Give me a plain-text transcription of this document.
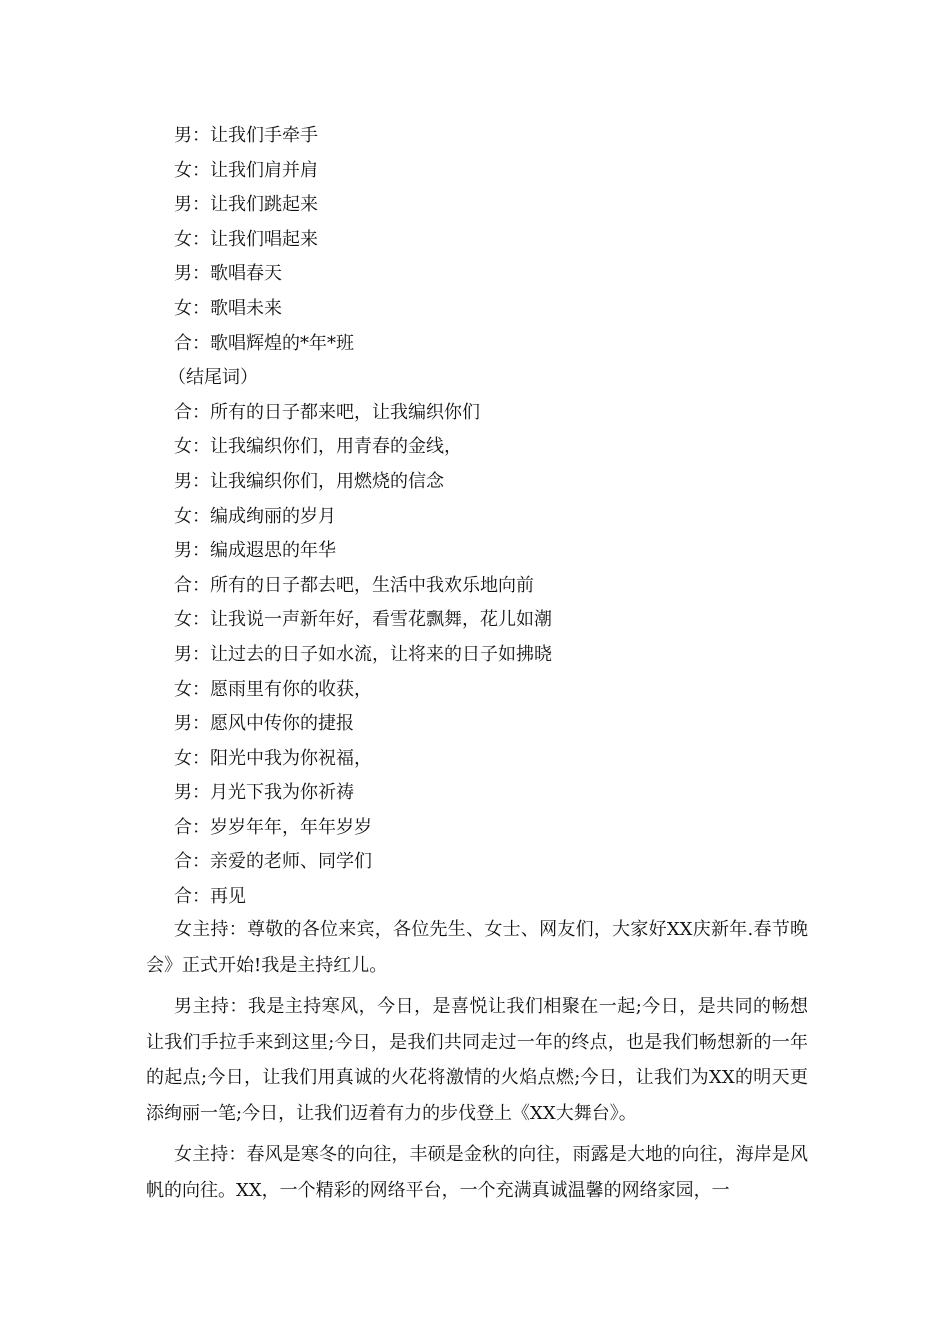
男：让我们手牵手
女：让我们肩并肩
男：让我们跳起来
女：让我们唱起来
男：歌唱春天
女：歌唱未来
合：歌唱辉煌的*年*班
（结尾词）
合：所有的日子都来吧，让我编织你们
女：让我编织你们，用青春的金线，
男：让我编织你们，用燃烧的信念
女：编成绚丽的岁月
男：编成遐思的年华
合：所有的日子都去吧，生活中我欢乐地向前
女：让我说一声新年好，看雪花飘舞，花儿如潮
男：让过去的日子如水流，让将来的日子如拂晓
女：愿雨里有你的收获，
男：愿风中传你的捷报
女：阳光中我为你祝福，
男：月光下我为你祈祷
合：岁岁年年，年年岁岁
合：亲爱的老师、同学们
合：再见

女主持：尊敬的各位来宾，各位先生、女士、网友们，大家好XX庆新年.春节晚会》正式开始!我是主持红儿。

男主持：我是主持寒风，今日，是喜悦让我们相聚在一起;今日，是共同的畅想让我们手拉手来到这里;今日，是我们共同走过一年的终点，也是我们畅想新的一年的起点;今日，让我们用真诚的火花将激情的火焰点燃;今日，让我们为XX的明天更添绚丽一笔;今日，让我们迈着有力的步伐登上《XX大舞台》。

女主持：春风是寒冬的向往，丰硕是金秋的向往，雨露是大地的向往，海岸是风帆的向往。XX，一个精彩的网络平台，一个充满真诚温馨的网络家园，一
